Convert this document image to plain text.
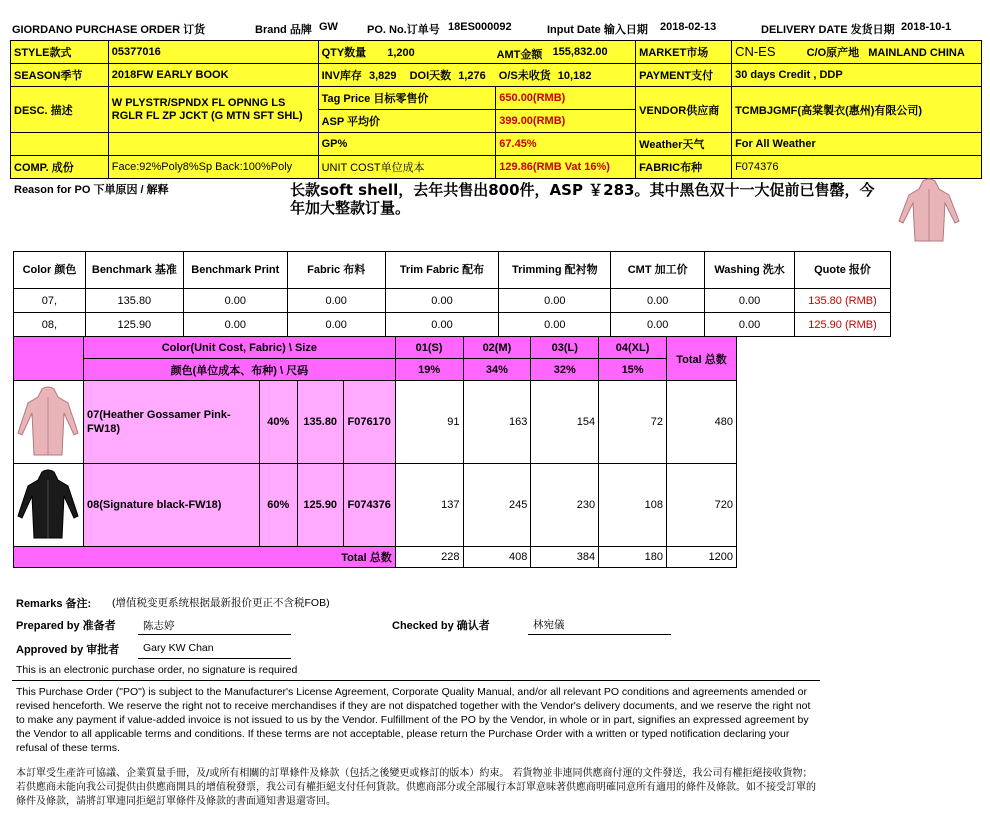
GIORDANO PURCHASE ORDER 订货	Brand 品牌 GW	PO. No.订单号 18ES000092	Input Date 输入日期 2018-02-13	DELIVERY DATE 发货日期 2018-10-1
STYLE款式	05377016	QTY数量 1,200 AMT金额 155,832.00		MARKET市场	CN-ES C/O原产地 MAINLAND CHINA
SEASON季节	2018FW EARLY BOOK	INV库存 3,829 DOI天数 1,276 O/S未收货 10,182		PAYMENT支付	30 days Credit , DDP
DESC. 描述	W PLYSTR/SPNDX FL OPNNG LS RGLR FL ZP JCKT (G MTN SFT SHL)	Tag Price 目标零售价	650.00(RMB)	VENDOR供应商	TCMBJGMF(高棠製衣(惠州)有限公司)
		ASP 平均价	399.00(RMB)		
		GP%	67.45%	Weather天气	For All Weather
COMP. 成份	Face:92%Poly8%Sp Back:100%Poly	UNIT COST单位成本	129.86(RMB Vat 16%)	FABRIC布种	F074376
Reason for PO 下単原因 / 解释	长款soft shell，去年共售出800件，ASP ￥283。其中黑色双十一大促前已售罄，今年加大整款订量。
Color 颜色	Benchmark 基准	Benchmark Print	Fabric 布料	Trim Fabric 配布	Trimming 配衬物	CMT 加工价	Washing 洗水	Quote 报价
07,	135.80	0.00	0.00	0.00	0.00	0.00	0.00	135.80 (RMB)
08,	125.90	0.00	0.00	0.00	0.00	0.00	0.00	125.90 (RMB)
	Color(Unit Cost, Fabric) \ Size				01(S)	02(M)	03(L)	04(XL)	Total 总数
	颜色(单位成本、布种) \ 尺码				19%	34%	32%	15%	
	07(Heather Gossamer Pink-FW18)	40%	135.80	F076170	91	163	154	72	480
	08(Signature black-FW18)	60%	125.90	F074376	137	245	230	108	720
Total 总数					228	408	384	180	1200
Remarks 备注: (增值税变更系统根据最新报价更正不含税FOB)
Prepared by 准备者	陈志婷	Checked by 确认者	林宛儀
Approved by 审批者 Gary KW Chan
This is an electronic purchase order, no signature is required
This Purchase Order ("PO") is subject to the Manufacturer's License Agreement, Corporate Quality Manual, and/or all relevant PO conditions and agreements amended or revised henceforth. We reserve the right not to receive merchandises if they are not dispatched together with the Vendor's delivery documents, and we reserve the right not to make any payment if value-added invoice is not issued to us by the Vendor. Fulfillment of the PO by the Vendor, in whole or in part, signifies an expressed agreement by the Vendor to all applicable terms and conditions. If these terms are not acceptable, please return the Purchase Order with a written or typed notification declaring your refusal of these terms.
本訂單受生產許可協議、企業質量手冊，及/或所有相關的訂單條件及條款（包括之後變更或修訂的版本）約束。 若貨物並非連同供應商付運的文件發送，我公司有權拒絕接收貨物；若供應商未能向我公司提供由供應商開具的增值稅發票，我公司有權拒絕支付任何貨款。供應商部分或全部履行本訂單意味著供應商明確同意所有適用的條件及條款。如不接受訂單的條件及條款，請將訂單連同拒絕訂單條件及條款的書面通知書退還寄回。
